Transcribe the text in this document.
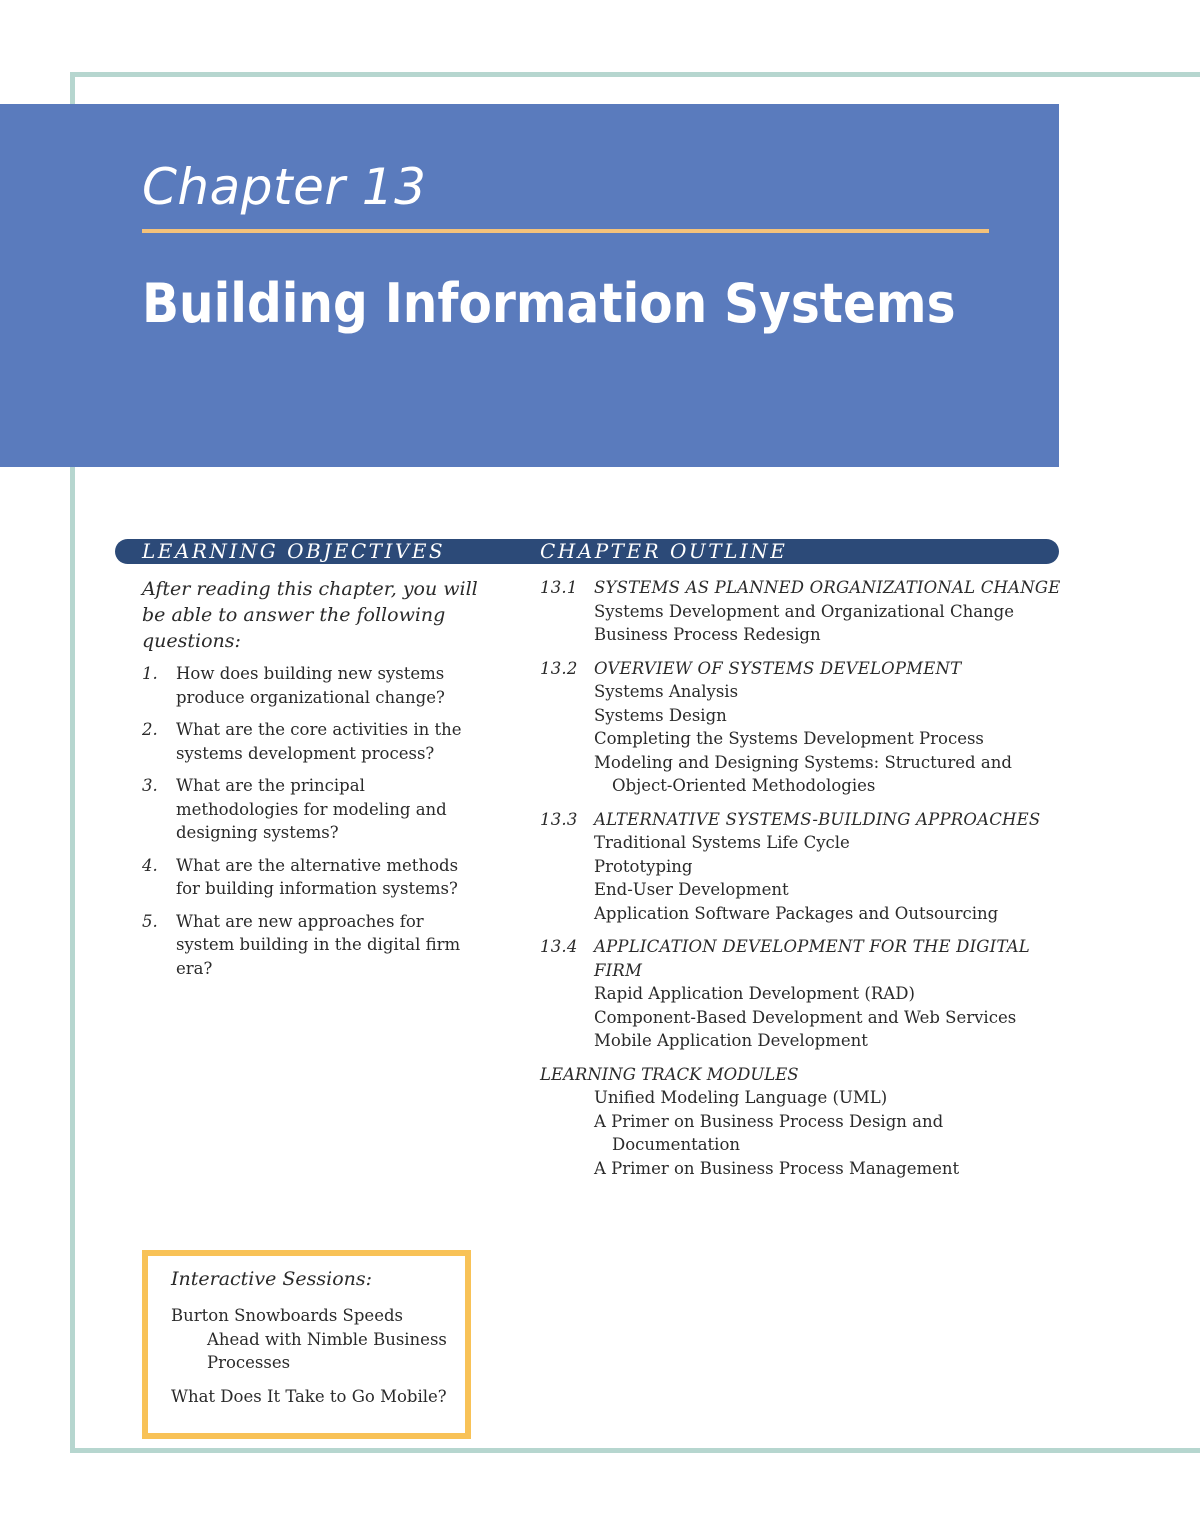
Chapter 13
Building Information Systems
LEARNING OBJECTIVES	CHAPTER OUTLINE

After reading this chapter, you will be able to answer the following questions:

1. How does building new systems produce organizational change?
2. What are the core activities in the systems development process?
3. What are the principal methodologies for modeling and designing systems?
4. What are the alternative methods for building information systems?
5. What are new approaches for system building in the digital firm era?
13.1 SYSTEMS AS PLANNED ORGANIZATIONAL CHANGE
Systems Development and Organizational Change
Business Process Redesign
13.2 OVERVIEW OF SYSTEMS DEVELOPMENT
Systems Analysis
Systems Design
Completing the Systems Development Process
Modeling and Designing Systems: Structured and Object-Oriented Methodologies
13.3 ALTERNATIVE SYSTEMS-BUILDING APPROACHES
Traditional Systems Life Cycle
Prototyping
End-User Development
Application Software Packages and Outsourcing
13.4 APPLICATION DEVELOPMENT FOR THE DIGITAL FIRM
Rapid Application Development (RAD)
Component-Based Development and Web Services
Mobile Application Development
LEARNING TRACK MODULES
Unified Modeling Language (UML)
A Primer on Business Process Design and Documentation
A Primer on Business Process Management
Interactive Sessions:
Burton Snowboards Speeds Ahead with Nimble Business Processes
What Does It Take to Go Mobile?
